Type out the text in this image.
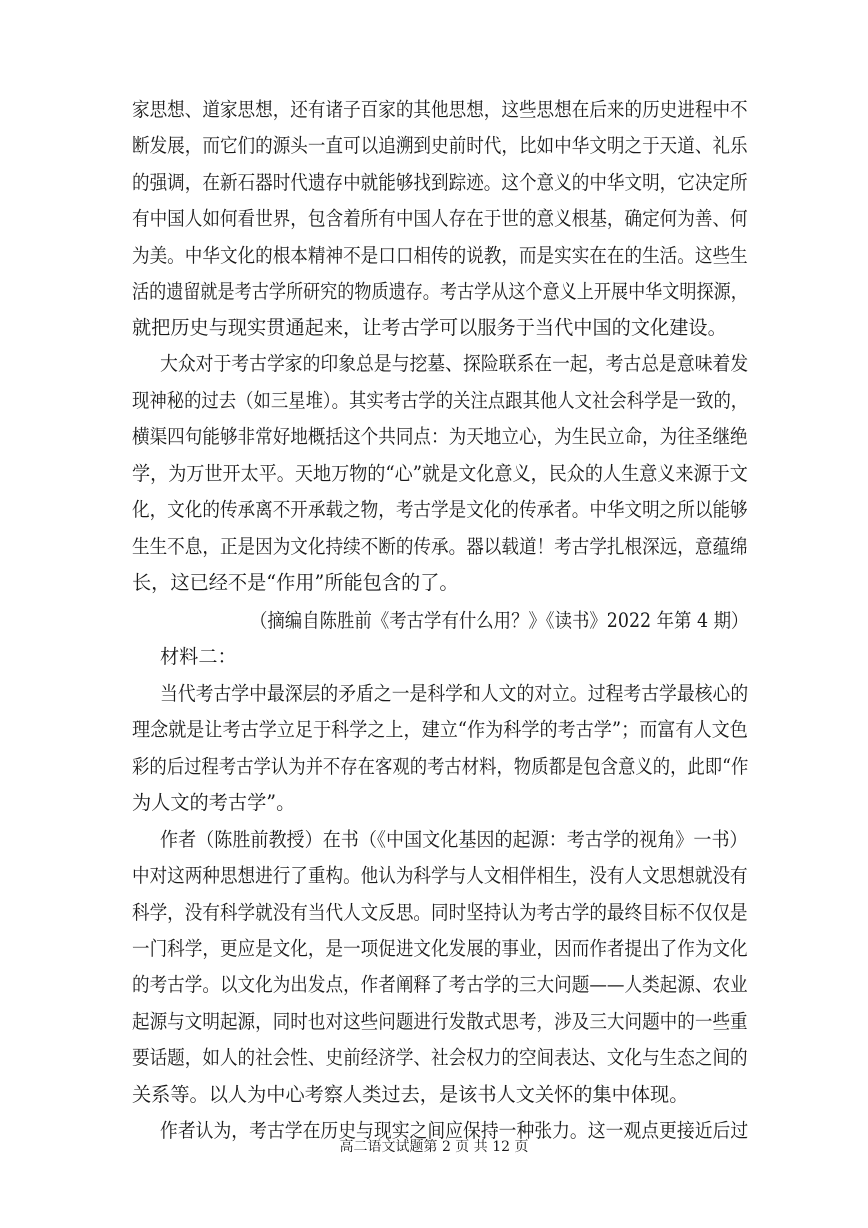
家思想、道家思想，还有诸子百家的其他思想，这些思想在后来的历史进程中不
断发展，而它们的源头一直可以追溯到史前时代，比如中华文明之于天道、礼乐
的强调，在新石器时代遗存中就能够找到踪迹。这个意义的中华文明，它决定所
有中国人如何看世界，包含着所有中国人存在于世的意义根基，确定何为善、何
为美。中华文化的根本精神不是口口相传的说教，而是实实在在的生活。这些生
活的遗留就是考古学所研究的物质遗存。考古学从这个意义上开展中华文明探源，
就把历史与现实贯通起来，让考古学可以服务于当代中国的文化建设。
大众对于考古学家的印象总是与挖墓、探险联系在一起，考古总是意味着发
现神秘的过去（如三星堆）。其实考古学的关注点跟其他人文社会科学是一致的，
横渠四句能够非常好地概括这个共同点：为天地立心，为生民立命，为往圣继绝
学，为万世开太平。天地万物的“心”就是文化意义，民众的人生意义来源于文
化，文化的传承离不开承载之物，考古学是文化的传承者。中华文明之所以能够
生生不息，正是因为文化持续不断的传承。器以载道！考古学扎根深远，意蕴绵
长，这已经不是“作用”所能包含的了。
（摘编自陈胜前《考古学有什么用？》《读书》2022 年第 4 期）
材料二：
当代考古学中最深层的矛盾之一是科学和人文的对立。过程考古学最核心的
理念就是让考古学立足于科学之上，建立“作为科学的考古学”；而富有人文色
彩的后过程考古学认为并不存在客观的考古材料，物质都是包含意义的，此即“作
为人文的考古学”。
作者（陈胜前教授）在书（《中国文化基因的起源：考古学的视角》一书）
中对这两种思想进行了重构。他认为科学与人文相伴相生，没有人文思想就没有
科学，没有科学就没有当代人文反思。同时坚持认为考古学的最终目标不仅仅是
一门科学，更应是文化，是一项促进文化发展的事业，因而作者提出了作为文化
的考古学。以文化为出发点，作者阐释了考古学的三大问题——人类起源、农业
起源与文明起源，同时也对这些问题进行发散式思考，涉及三大问题中的一些重
要话题，如人的社会性、史前经济学、社会权力的空间表达、文化与生态之间的
关系等。以人为中心考察人类过去，是该书人文关怀的集中体现。
作者认为，考古学在历史与现实之间应保持一种张力。这一观点更接近后过
高二语文试题第 2 页 共 12 页
